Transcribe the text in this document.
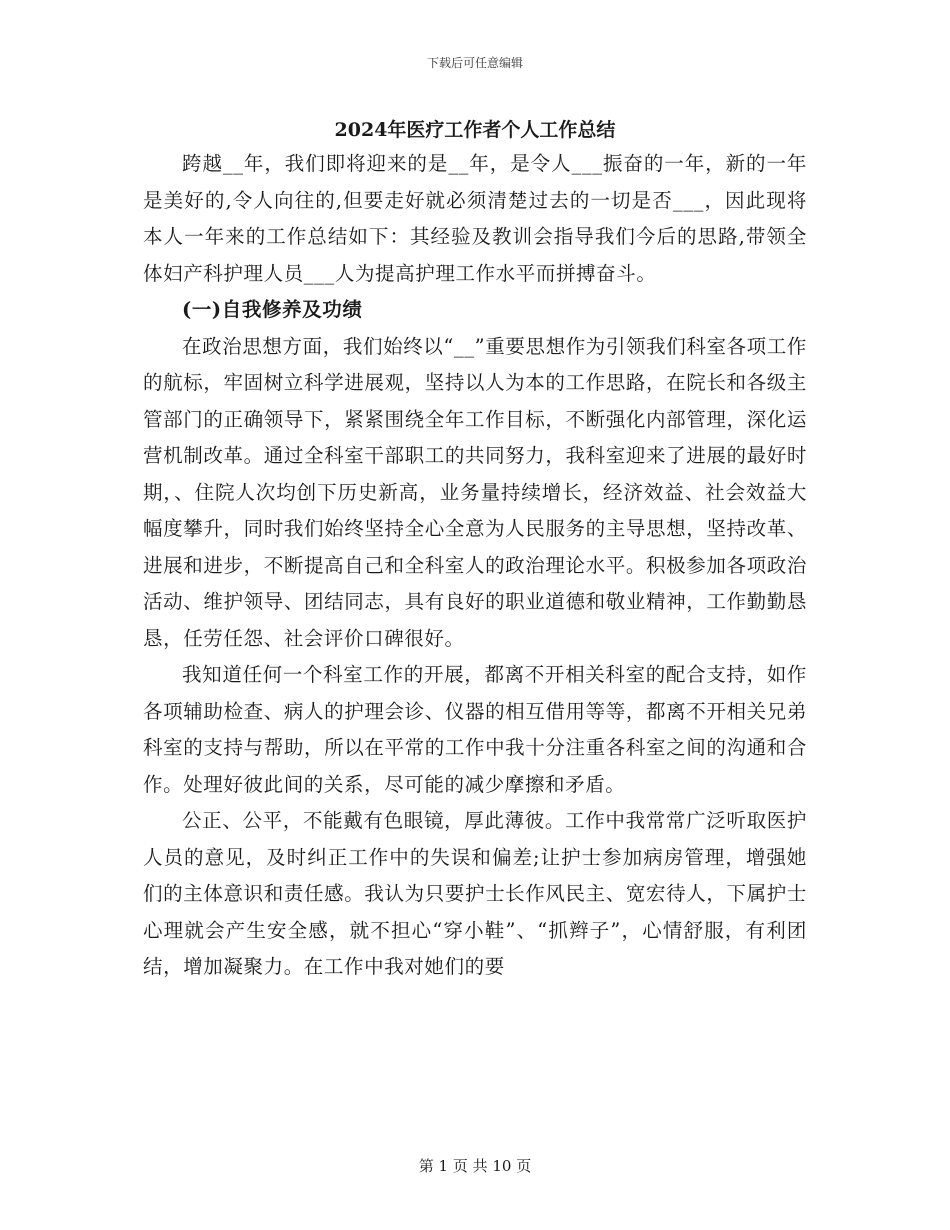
下载后可任意编辑
2024年医疗工作者个人工作总结

跨越__年，我们即将迎来的是__年，是令人___振奋的一年，新的一年是美好的,令人向往的,但要走好就必须清楚过去的一切是否___，因此现将本人一年来的工作总结如下：其经验及教训会指导我们今后的思路,带领全体妇产科护理人员___人为提高护理工作水平而拼搏奋斗。

(一)自我修养及功绩

在政治思想方面，我们始终以“__”重要思想作为引领我们科室各项工作的航标，牢固树立科学进展观，坚持以人为本的工作思路，在院长和各级主管部门的正确领导下，紧紧围绕全年工作目标，不断强化内部管理，深化运营机制改革。通过全科室干部职工的共同努力，我科室迎来了进展的最好时期，、住院人次均创下历史新高，业务量持续增长，经济效益、社会效益大幅度攀升，同时我们始终坚持全心全意为人民服务的主导思想，坚持改革、进展和进步，不断提高自己和全科室人的政治理论水平。积极参加各项政治活动、维护领导、团结同志，具有良好的职业道德和敬业精神，工作勤勤恳恳，任劳任怨、社会评价口碑很好。

我知道任何一个科室工作的开展，都离不开相关科室的配合支持，如作各项辅助检查、病人的护理会诊、仪器的相互借用等等，都离不开相关兄弟科室的支持与帮助，所以在平常的工作中我十分注重各科室之间的沟通和合作。处理好彼此间的关系，尽可能的减少摩擦和矛盾。

公正、公平，不能戴有色眼镜，厚此薄彼。工作中我常常广泛听取医护人员的意见，及时纠正工作中的失误和偏差;让护士参加病房管理，增强她们的主体意识和责任感。我认为只要护士长作风民主、宽宏待人，下属护士心理就会产生安全感，就不担心“穿小鞋”、“抓辫子”，心情舒服，有利团结，增加凝聚力。在工作中我对她们的要

第 1 页 共 10 页
